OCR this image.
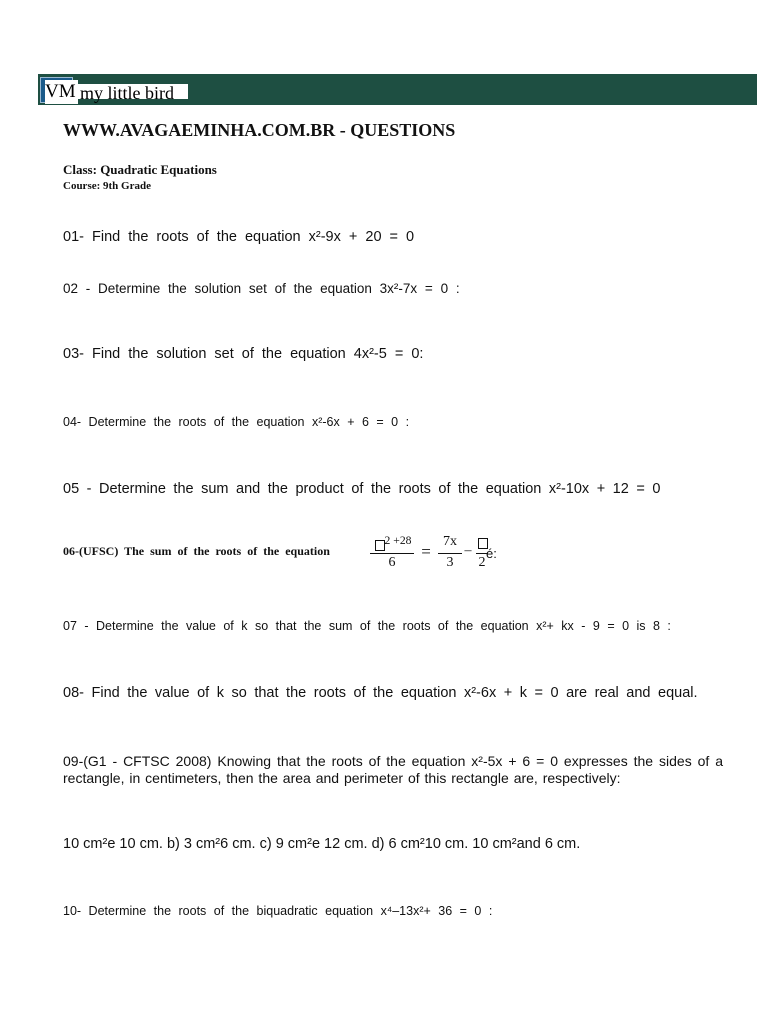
VM my little bird
WWW.AVAGAEMINHA.COM.BR - QUESTIONS
Class: Quadratic Equations
Course: 9th Grade
01- Find the roots of the equation x²-9x + 20 = 0
02 - Determine the solution set of the equation 3x²-7x = 0 :
03- Find the solution set of the equation 4x²-5 = 0:
04- Determine the roots of the equation x²-6x + 6 = 0 :
05 - Determine the sum and the product of the roots of the equation x²-10x + 12 = 0
06-(UFSC) The sum of the roots of the equation
$^{2 +28}$
6
=
7x
3
–
2
é:
07 - Determine the value of k so that the sum of the roots of the equation x²+ kx - 9 = 0 is 8 :
08- Find the value of k so that the roots of the equation x²-6x + k = 0 are real and equal.
09-(G1 - CFTSC 2008) Knowing that the roots of the equation x²-5x + 6 = 0 expresses the sides of a rectangle, in centimeters, then the area and perimeter of this rectangle are, respectively:
10 cm²e 10 cm. b) 3 cm²6 cm. c) 9 cm²e 12 cm. d) 6 cm²10 cm. 10 cm²and 6 cm.
10- Determine the roots of the biquadratic equation x⁴–13x²+ 36 = 0 :
